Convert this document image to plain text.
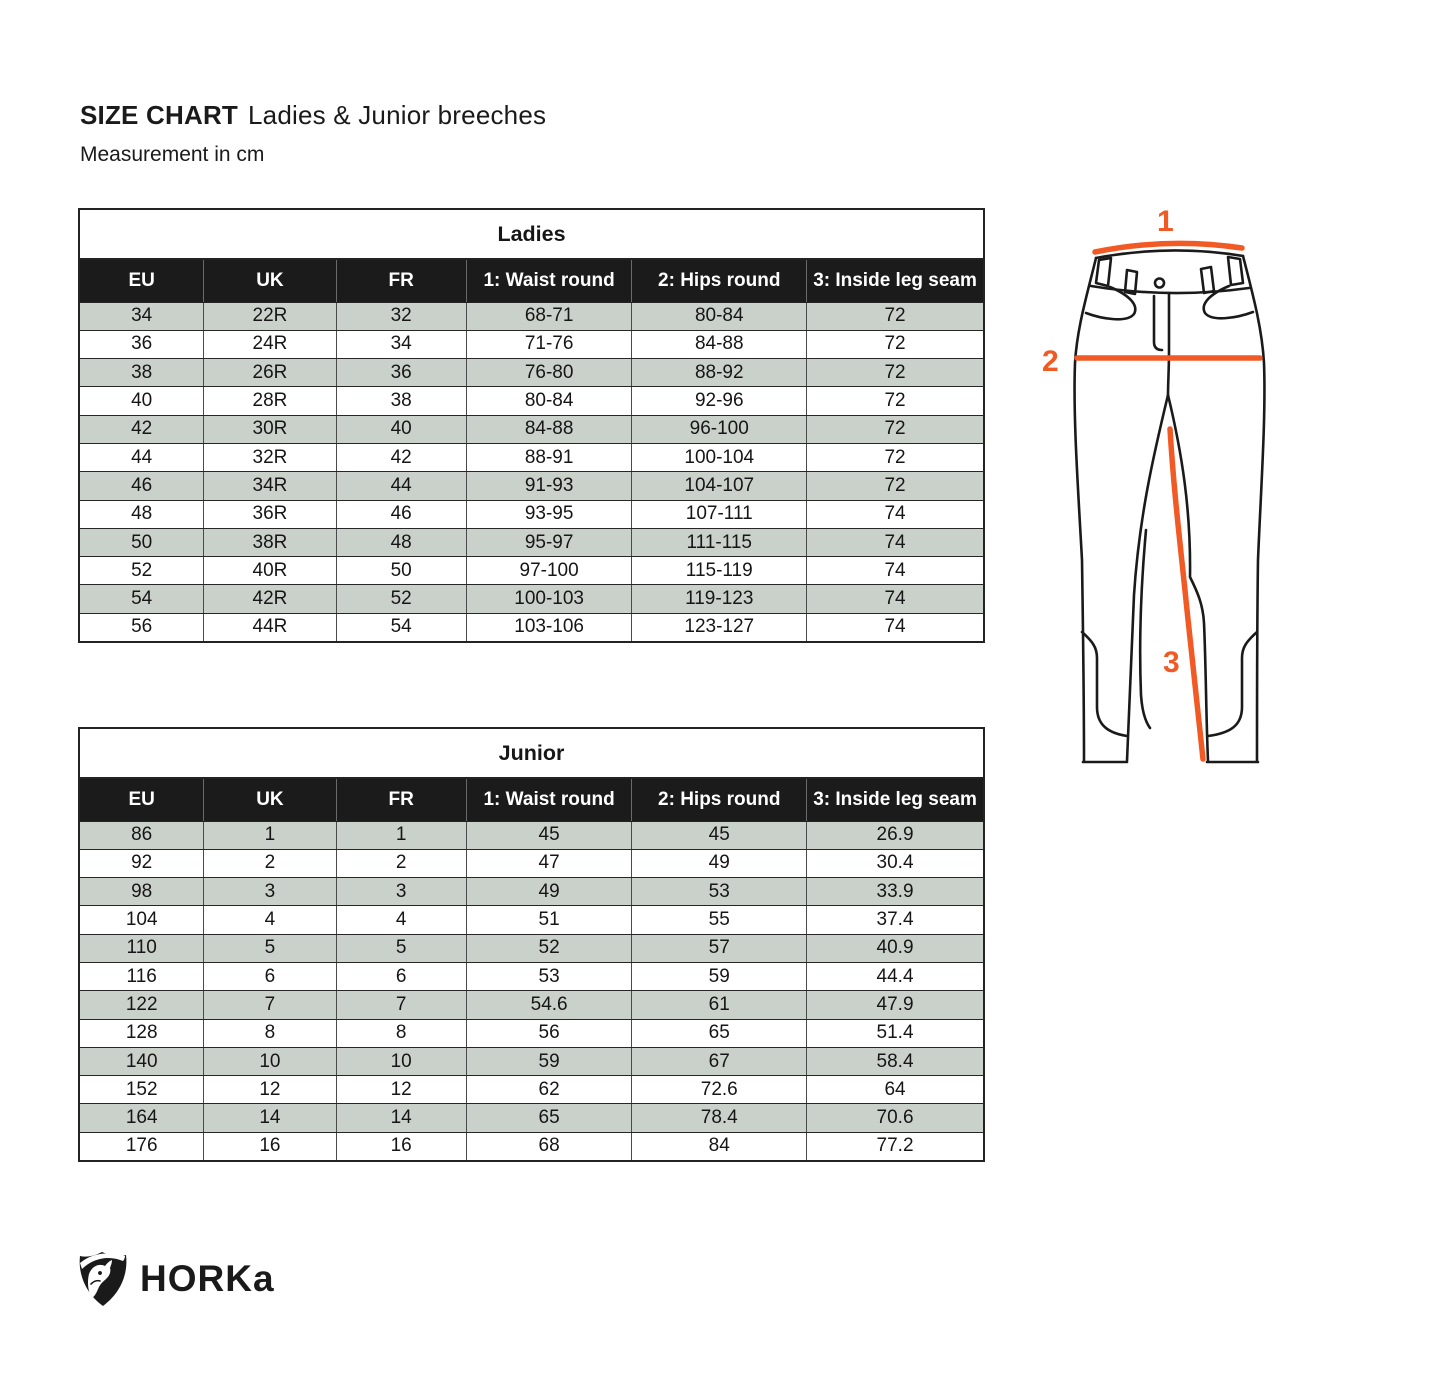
SIZE CHART Ladies & Junior breeches
Measurement in cm
Ladies					
EU	UK	FR	1: Waist round	2: Hips round	3: Inside leg seam
34	22R	32	68-71	80-84	72
36	24R	34	71-76	84-88	72
38	26R	36	76-80	88-92	72
40	28R	38	80-84	92-96	72
42	30R	40	84-88	96-100	72
44	32R	42	88-91	100-104	72
46	34R	44	91-93	104-107	72
48	36R	46	93-95	107-111	74
50	38R	48	95-97	111-115	74
52	40R	50	97-100	115-119	74
54	42R	52	100-103	119-123	74
56	44R	54	103-106	123-127	74
Junior					
EU	UK	FR	1: Waist round	2: Hips round	3: Inside leg seam
86	1	1	45	45	26.9
92	2	2	47	49	30.4
98	3	3	49	53	33.9
104	4	4	51	55	37.4
110	5	5	52	57	40.9
116	6	6	53	59	44.4
122	7	7	54.6	61	47.9
128	8	8	56	65	51.4
140	10	10	59	67	58.4
152	12	12	62	72.6	64
164	14	14	65	78.4	70.6
176	16	16	68	84	77.2
1
2
3
HORKa
